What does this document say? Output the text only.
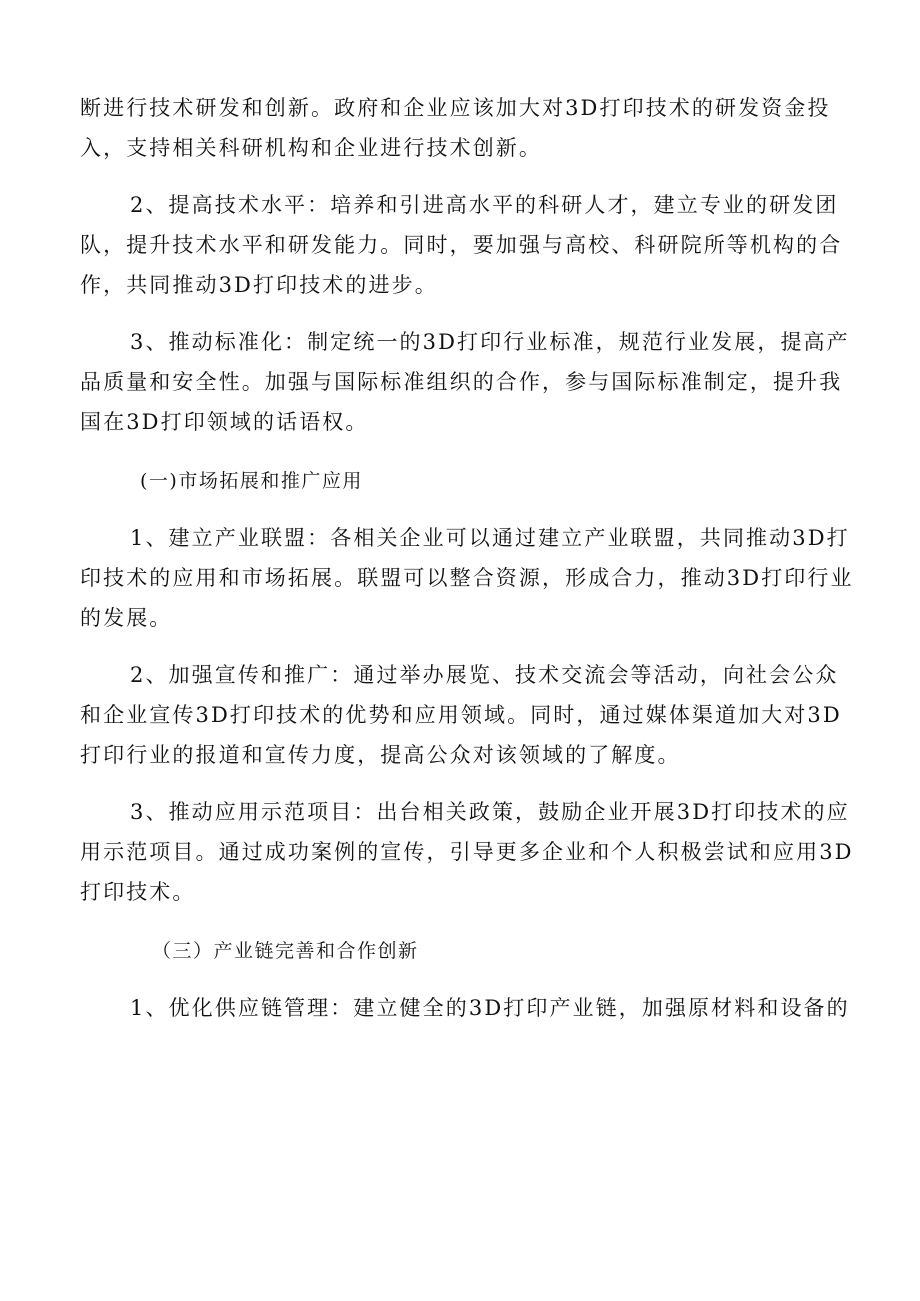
断进行技术研发和创新。政府和企业应该加大对3D打印技术的研发资金投
入，支持相关科研机构和企业进行技术创新。
2、提高技术水平：培养和引进高水平的科研人才，建立专业的研发团
队，提升技术水平和研发能力。同时，要加强与高校、科研院所等机构的合
作，共同推动3D打印技术的进步。
3、推动标准化：制定统一的3D打印行业标准，规范行业发展，提高产
品质量和安全性。加强与国际标准组织的合作，参与国际标准制定，提升我
国在3D打印领域的话语权。
(一)市场拓展和推广应用
1、建立产业联盟：各相关企业可以通过建立产业联盟，共同推动3D打
印技术的应用和市场拓展。联盟可以整合资源，形成合力，推动3D打印行业
的发展。
2、加强宣传和推广：通过举办展览、技术交流会等活动，向社会公众
和企业宣传3D打印技术的优势和应用领域。同时，通过媒体渠道加大对3D
打印行业的报道和宣传力度，提高公众对该领域的了解度。
3、推动应用示范项目：出台相关政策，鼓励企业开展3D打印技术的应
用示范项目。通过成功案例的宣传，引导更多企业和个人积极尝试和应用3D
打印技术。
（三）产业链完善和合作创新
1、优化供应链管理：建立健全的3D打印产业链，加强原材料和设备的
